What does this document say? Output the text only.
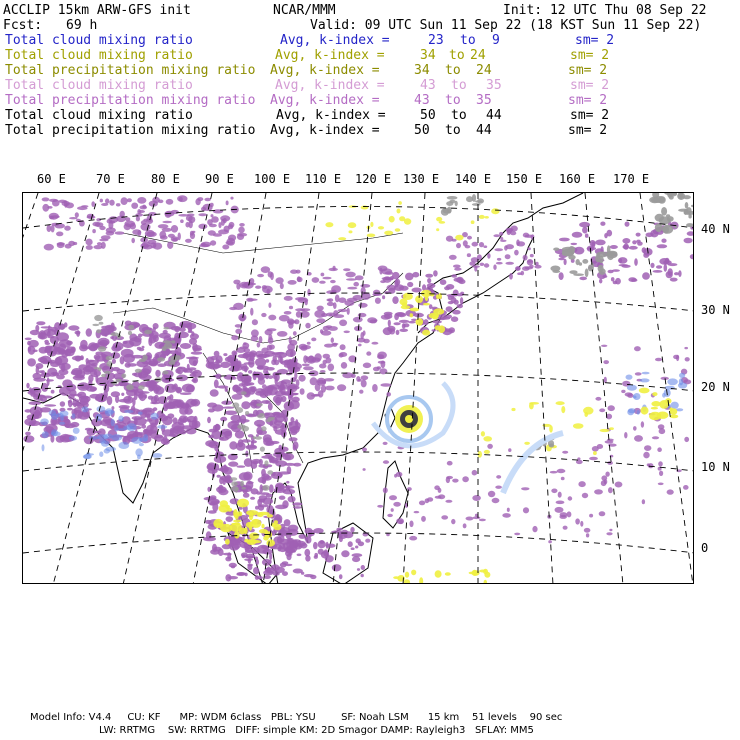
ACCLIP 15km ARW-GFS init	NCAR/MMM	Init: 12 UTC Thu 08 Sep 22
Fcst: 69 h	Valid: 09 UTC Sun 11 Sep 22 (18 KST Sun 11 Sep 22)
Total cloud mixing ratio	Avg, k-index =	23 to 9	sm= 2
Total cloud mixing ratio	Avg, k-index =	34 to 24	sm= 2
Total precipitation mixing ratio Avg, k-index =	34 to 24	sm= 2
Total cloud mixing ratio	Avg, k-index =	43 to 35	sm= 2
Total precipitation mixing ratio Avg, k-index =	43 to 35	sm= 2
Total cloud mixing ratio	Avg, k-index =	50 to 44	sm= 2
Total precipitation mixing ratio Avg, k-index =	50 to 44	sm= 2
60 E	70 E 80 E 90 E 100 E 110 E 120 E 130 E 140 E 150 E 160 E 170 E
40 N
30 N
20 N
10 N
0
Model Info: V4.4     CU: KF      MP: WDM 6class   PBL: YSU        SF: Noah LSM      15 km    51 levels    90 sec
LW: RRTMG    SW: RRTMG   DIFF: simple KM: 2D Smagor DAMP: Rayleigh3   SFLAY: MM5
